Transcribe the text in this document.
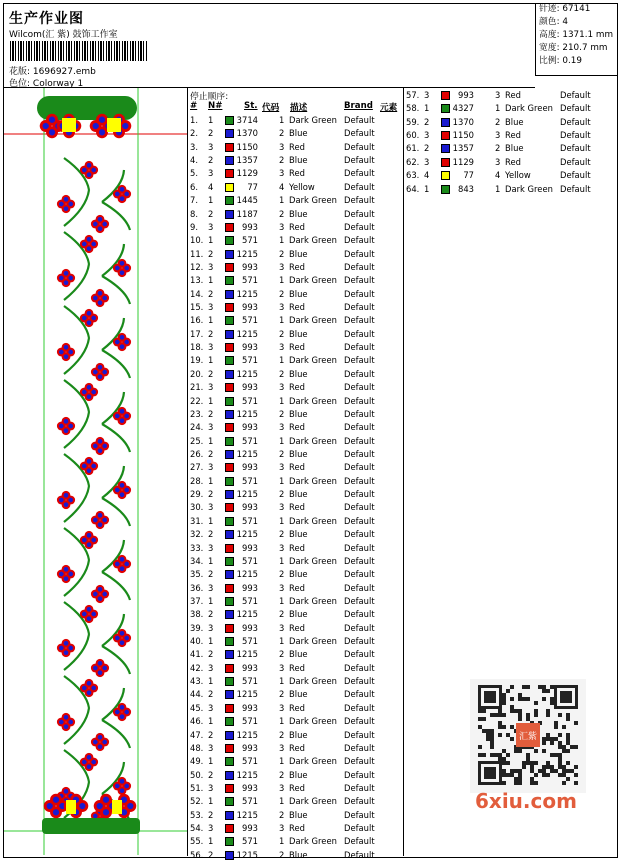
生产作业图
Wilcom(汇 紫) 鼓饰工作室
花版: 1696927.emb
色位: Colorway 1
针迹: 67141
颜色: 4
高度: 1371.1 mm
宽度: 210.7 mm
比例: 0.19
停止顺序:
# N#	St. 代码 描述	Brand 元素
1. 1	3714	1 Dark Green Default
2. 2	1370	2 Blue	Default
3. 3	1150	3 Red	Default
4. 2	1357	2 Blue	Default
5. 3	1129	3 Red	Default
6. 4	77	4 Yellow	Default
7. 1	1445	1 Dark Green Default
8. 2	1187	2 Blue	Default
9. 3	993	3 Red	Default
10. 1	571	1 Dark Green Default
11. 2	1215	2 Blue	Default
12. 3	993	3 Red	Default
13. 1	571	1 Dark Green Default
14. 2	1215	2 Blue	Default
15. 3	993	3 Red	Default
16. 1	571	1 Dark Green Default
17. 2	1215	2 Blue	Default
18. 3	993	3 Red	Default
19. 1	571	1 Dark Green Default
20. 2	1215	2 Blue	Default
21. 3	993	3 Red	Default
22. 1	571	1 Dark Green Default
23. 2	1215	2 Blue	Default
24. 3	993	3 Red	Default
25. 1	571	1 Dark Green Default
26. 2	1215	2 Blue	Default
27. 3	993	3 Red	Default
28. 1	571	1 Dark Green Default
29. 2	1215	2 Blue	Default
30. 3	993	3 Red	Default
31. 1	571	1 Dark Green Default
32. 2	1215	2 Blue	Default
33. 3	993	3 Red	Default
34. 1	571	1 Dark Green Default
35. 2	1215	2 Blue	Default
36. 3	993	3 Red	Default
37. 1	571	1 Dark Green Default
38. 2	1215	2 Blue	Default
39. 3	993	3 Red	Default
40. 1	571	1 Dark Green Default
41. 2	1215	2 Blue	Default
42. 3	993	3 Red	Default
43. 1	571	1 Dark Green Default
44. 2	1215	2 Blue	Default
45. 3	993	3 Red	Default
46. 1	571	1 Dark Green Default
47. 2	1215	2 Blue	Default
48. 3	993	3 Red	Default
49. 1	571	1 Dark Green Default
50. 2	1215	2 Blue	Default
51. 3	993	3 Red	Default
52. 1	571	1 Dark Green Default
53. 2	1215	2 Blue	Default
54. 3	993	3 Red	Default
55. 1	571	1 Dark Green Default
56. 2	1215	2 Blue	Default
57. 3	993	3 Red	Default
58. 1	4327	1 Dark Green Default
59. 2	1370	2 Blue	Default
60. 3	1150	3 Red	Default
61. 2	1357	2 Blue	Default
62. 3	1129	3 Red	Default
63. 4	77	4 Yellow	Default
64. 1	843	1 Dark Green Default
汇紫
6xiu.com
